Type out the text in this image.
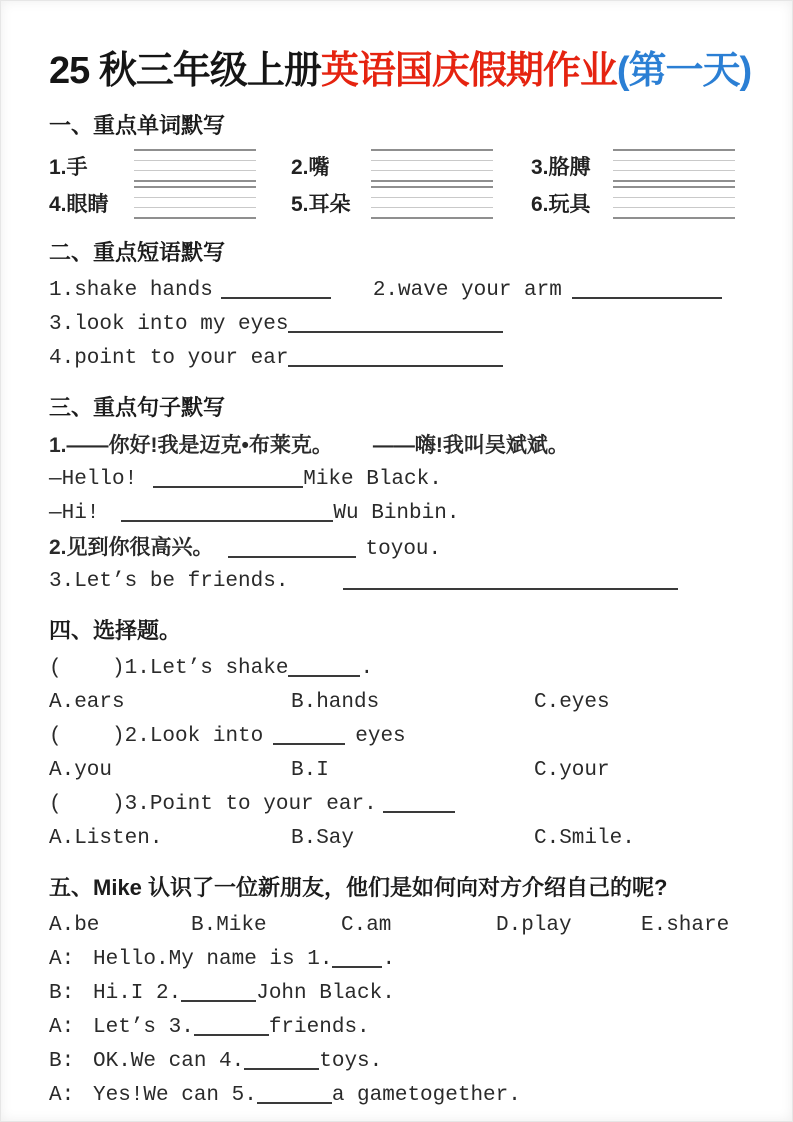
25 秋三年级上册英语国庆假期作业(第一天)
一、重点单词默写
1.手	2.嘴	3.胳膊
4.眼睛	5.耳朵	6.玩具
二、重点短语默写
1.shake hands	2.wave your arm
3.look into my eyes
4.point to your ear
三、重点句子默写
1.——你好!我是迈克•布莱克。 ——嗨!我叫吴斌斌。
—Hello!	Mike Black.
—Hi!	Wu Binbin.
2.见到你很高兴。	toyou.
3.Let’s be friends.
四、选择题。
(    )1.Let’s shake	.
A.ears	B.hands	C.eyes
(    )2.Look into	eyes
A.you	B.I	C.your
(    )3.Point to your ear.
A.Listen.	B.Say	C.Smile.
五、Mike 认识了一位新朋友，他们是如何向对方介绍自己的呢?
A.be	B.Mike	C.am	D.play	E.share
A: Hello.My name is 1. .
B: Hi.I 2.	John Black.
A: Let’s 3.	friends.
B: OK.We can 4.	toys.
A: Yes!We can 5.	a gametogether.
